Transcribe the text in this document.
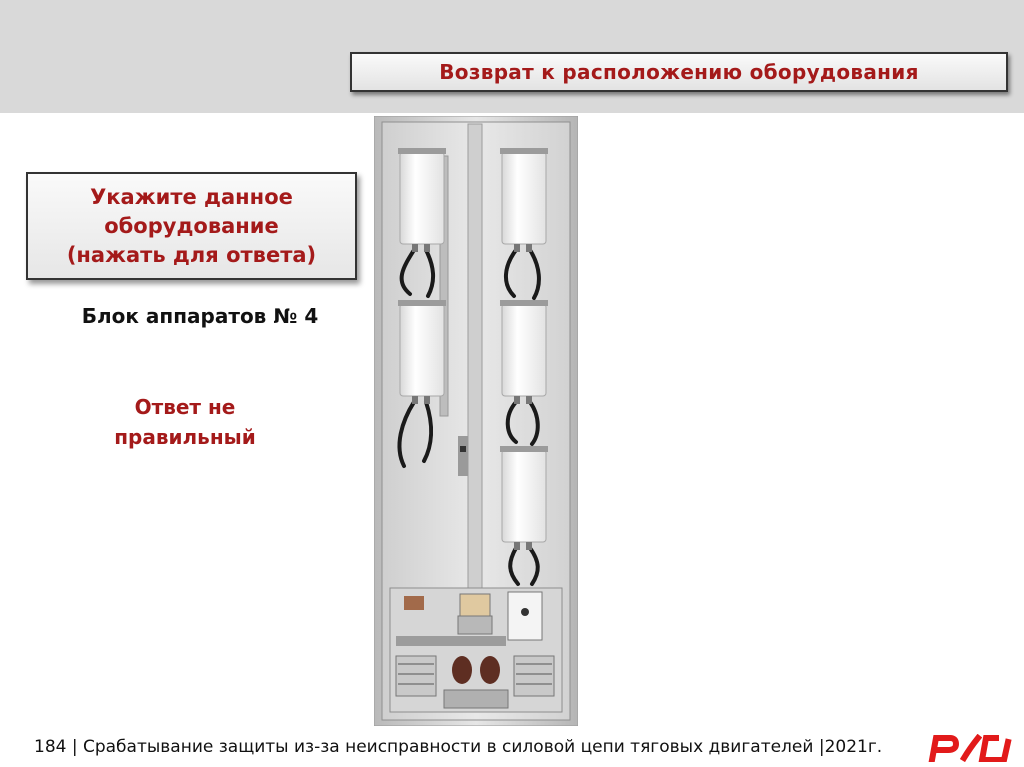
Возврат к расположению оборудования
Укажите данное
оборудование
(нажать для ответа)
Блок аппаратов № 4
Ответ не
правильный
184 | Срабатывание защиты из-за неисправности в силовой цепи тяговых двигателей |2021г.
